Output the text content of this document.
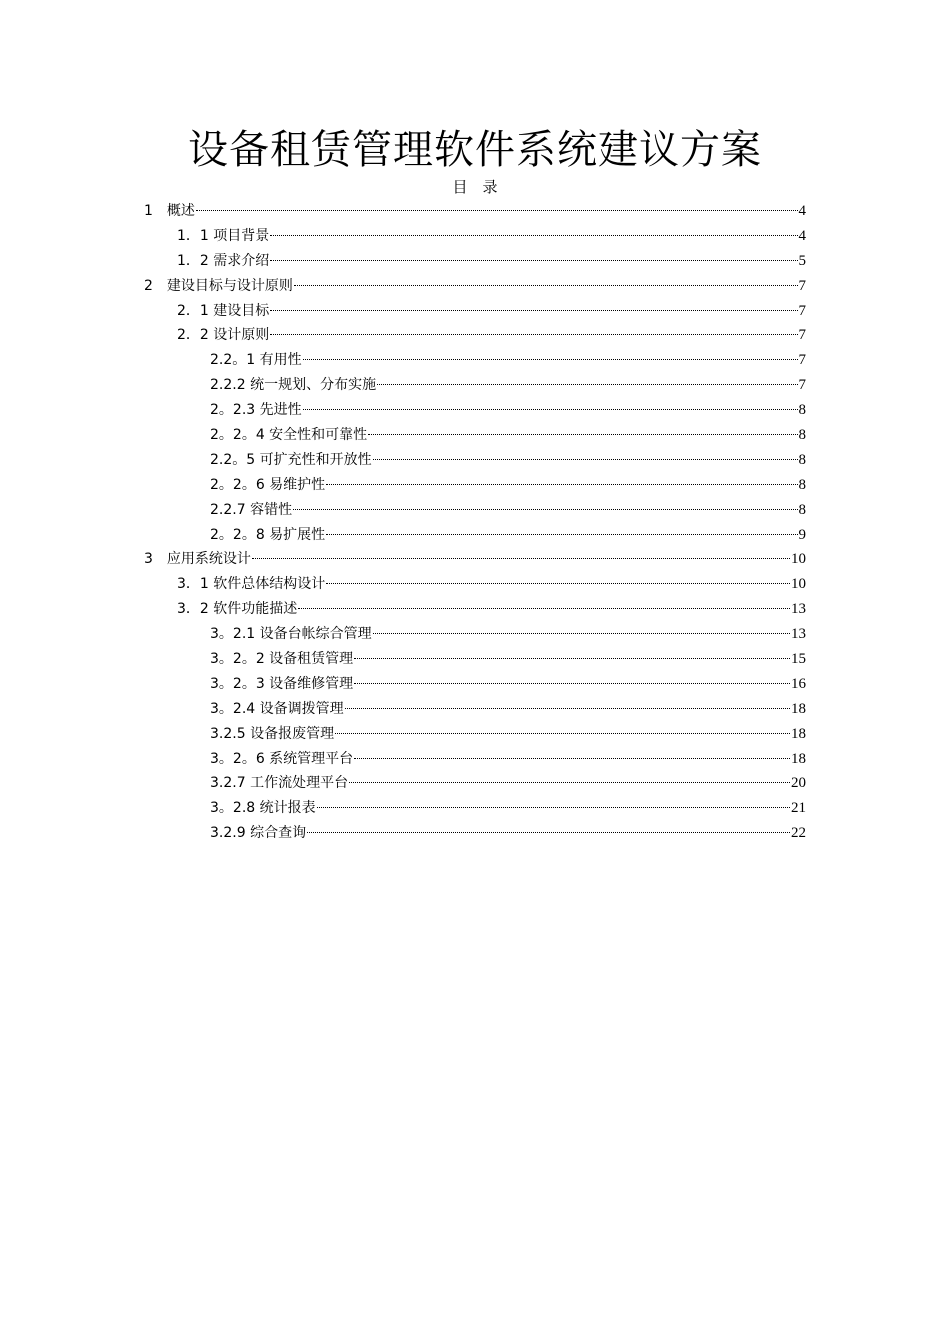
设备租赁管理软件系统建议方案
目　录
1　概述	4
1．1 项目背景	4
1．2 需求介绍	5
2　建设目标与设计原则	7
2．1 建设目标	7
2．2 设计原则	7
2.2。1 有用性	7
2.2.2 统一规划、分布实施	7
2。2.3 先进性	8
2。2。4 安全性和可靠性	8
2.2。5 可扩充性和开放性	8
2。2。6 易维护性	8
2.2.7 容错性	8
2。2。8 易扩展性	9
3　应用系统设计	10
3．1 软件总体结构设计	10
3．2 软件功能描述	13
3。2.1 设备台帐综合管理	13
3。2。2 设备租赁管理	15
3。2。3 设备维修管理	16
3。2.4 设备调拨管理	18
3.2.5 设备报废管理	18
3。2。6 系统管理平台	18
3.2.7 工作流处理平台	20
3。2.8 统计报表	21
3.2.9 综合查询	22
